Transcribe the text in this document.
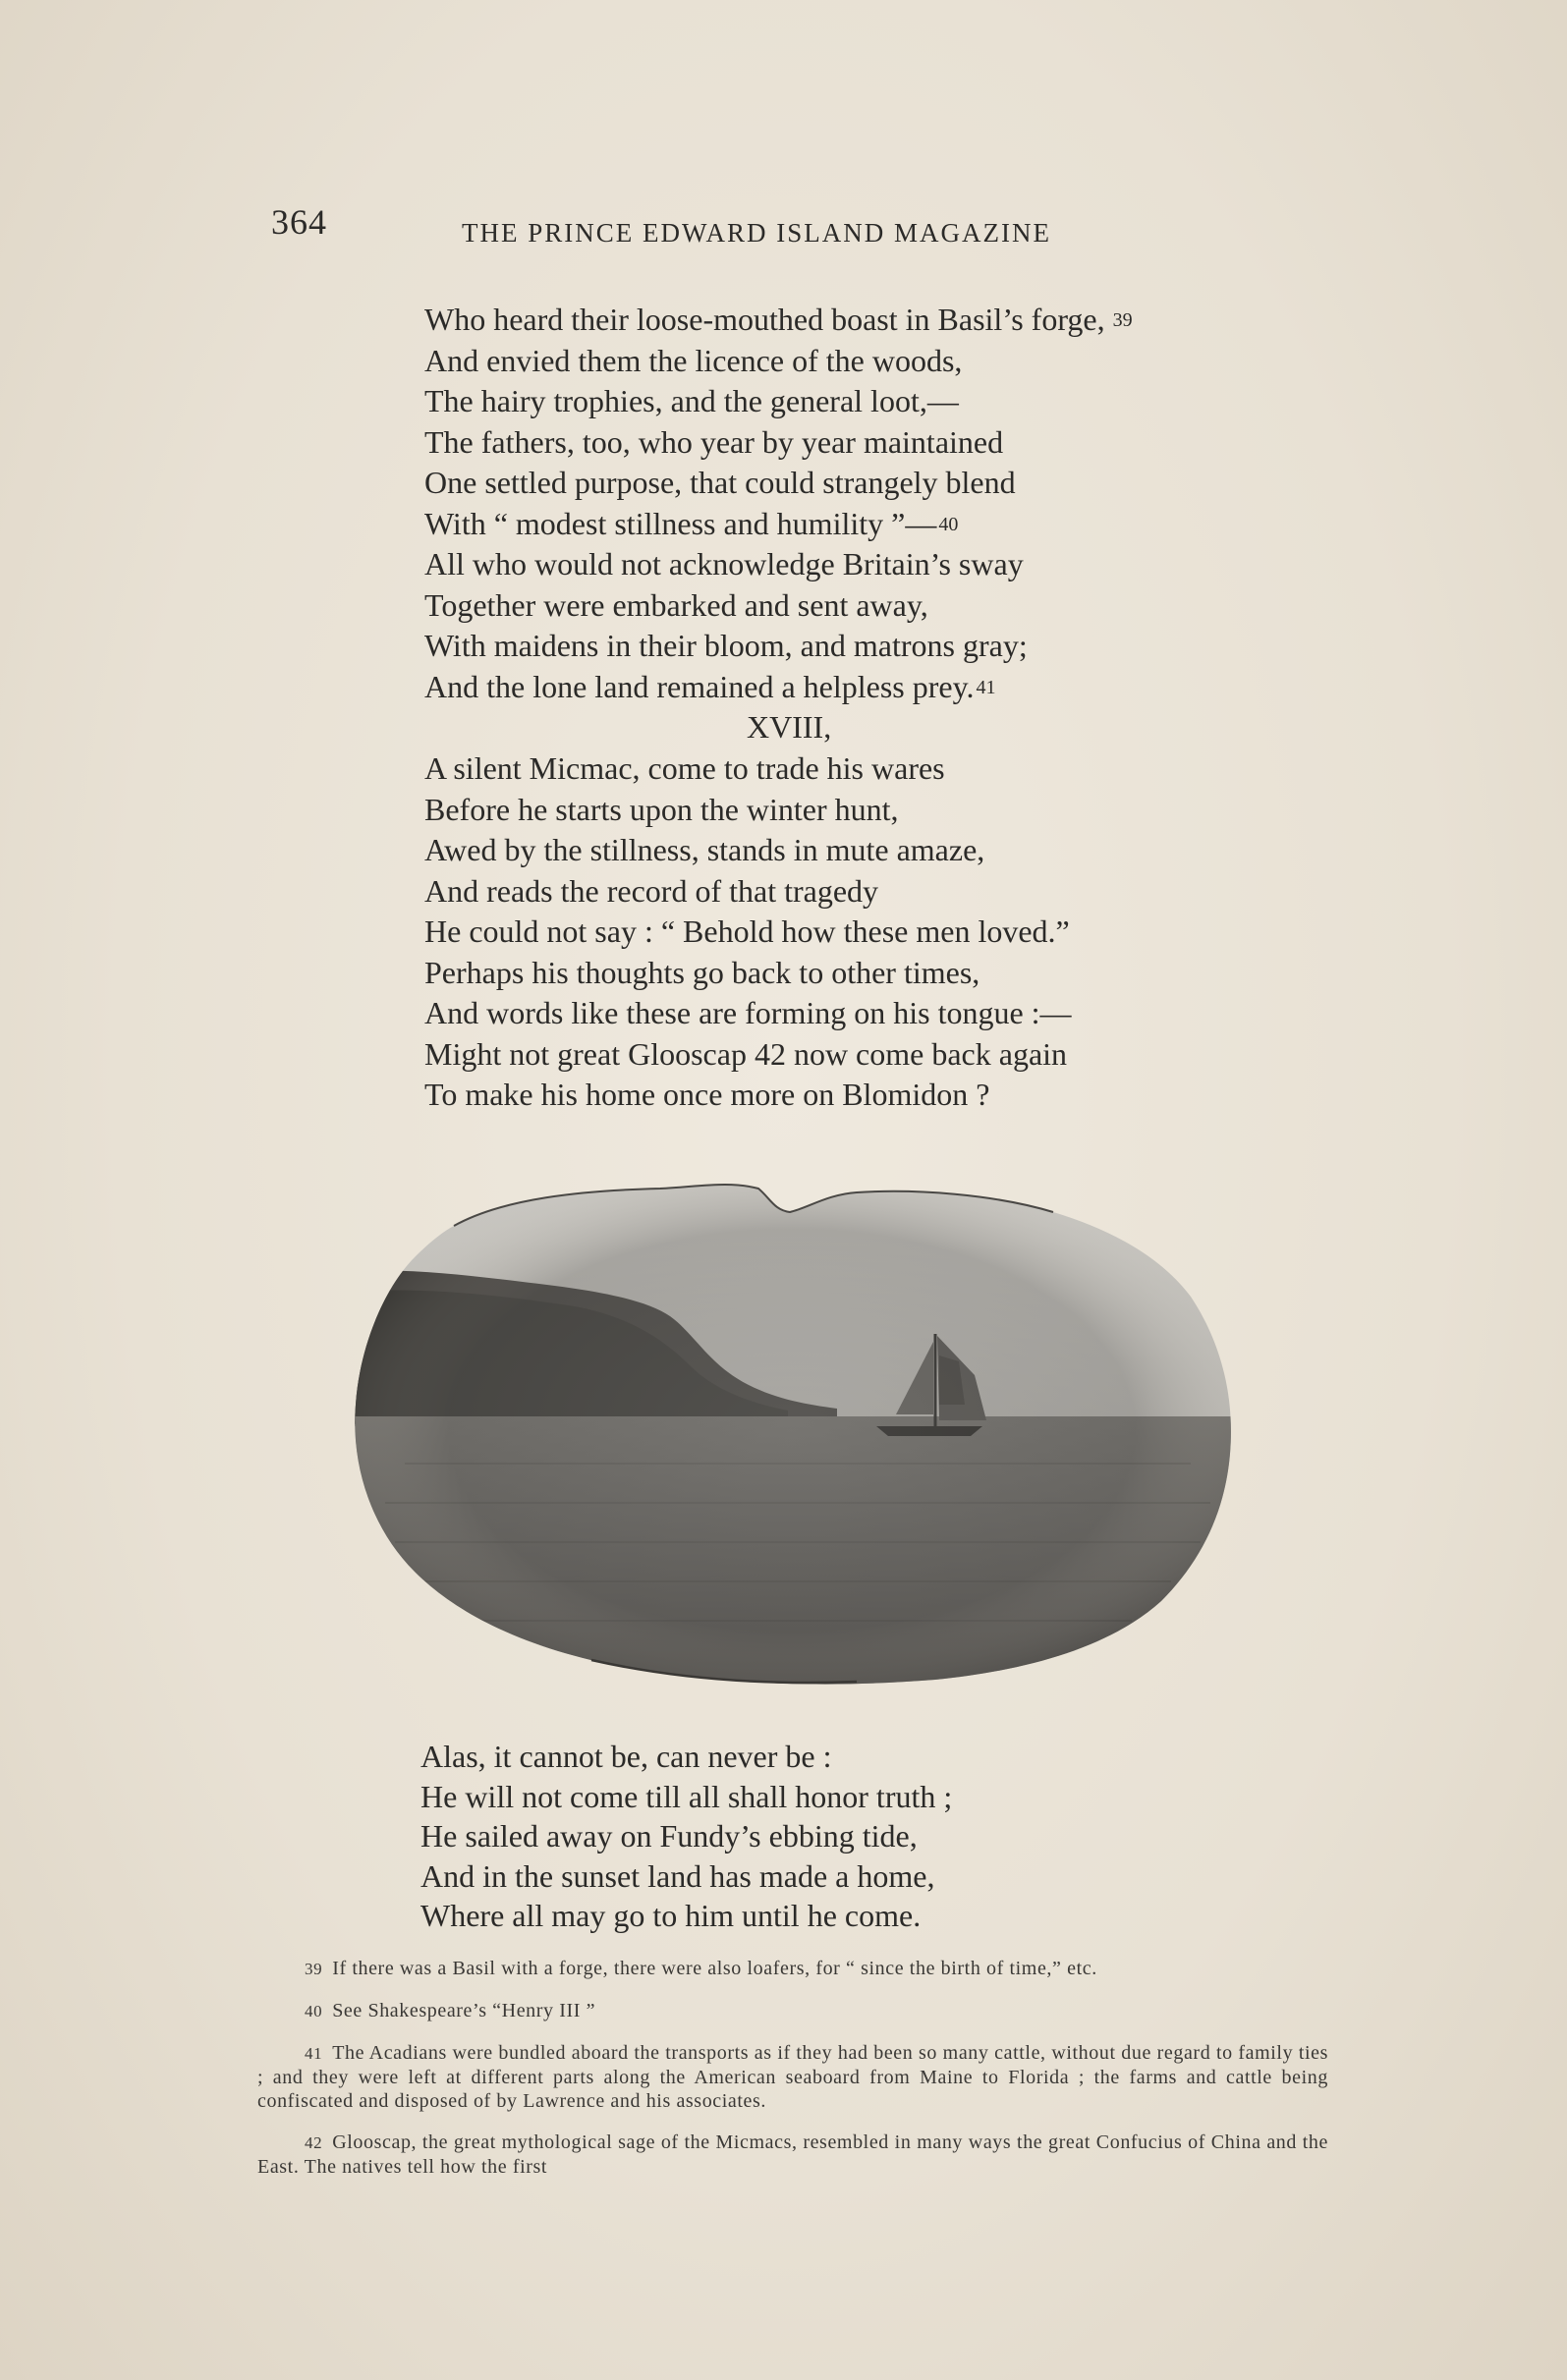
364	THE PRINCE EDWARD ISLAND MAGAZINE
Who heard their loose-mouthed boast in Basil’s forge, 39
And envied them the licence of the woods,
The hairy trophies, and the general loot,—
The fathers, too, who year by year maintained
One settled purpose, that could strangely blend
With “ modest stillness and humility ”— 40
All who would not acknowledge Britain’s sway
Together were embarked and sent away,
With maidens in their bloom, and matrons gray;
And the lone land remained a helpless prey. 41
XVIII,
A silent Micmac, come to trade his wares
Before he starts upon the winter hunt,
Awed by the stillness, stands in mute amaze,
And reads the record of that tragedy
He could not say : “ Behold how these men loved.”
Perhaps his thoughts go back to other times,
And words like these are forming on his tongue :—
Might not great Glooscap 42 now come back again
To make his home once more on Blomidon ?
Alas, it cannot be, can never be :
He will not come till all shall honor truth ;
He sailed away on Fundy’s ebbing tide,
And in the sunset land has made a home,
Where all may go to him until he come.
39 If there was a Basil with a forge, there were also loafers, for “ since the birth of time,” etc.
40 See Shakespeare’s “Henry III ”
41 The Acadians were bundled aboard the transports as if they had been so many cattle, without due regard to family ties ; and they were left at different parts along the American seaboard from Maine to Florida ; the farms and cattle being confiscated and disposed of by Lawrence and his associates.
42 Glooscap, the great mythological sage of the Micmacs, resembled in many ways the great Confucius of China and the East. The natives tell how the first
